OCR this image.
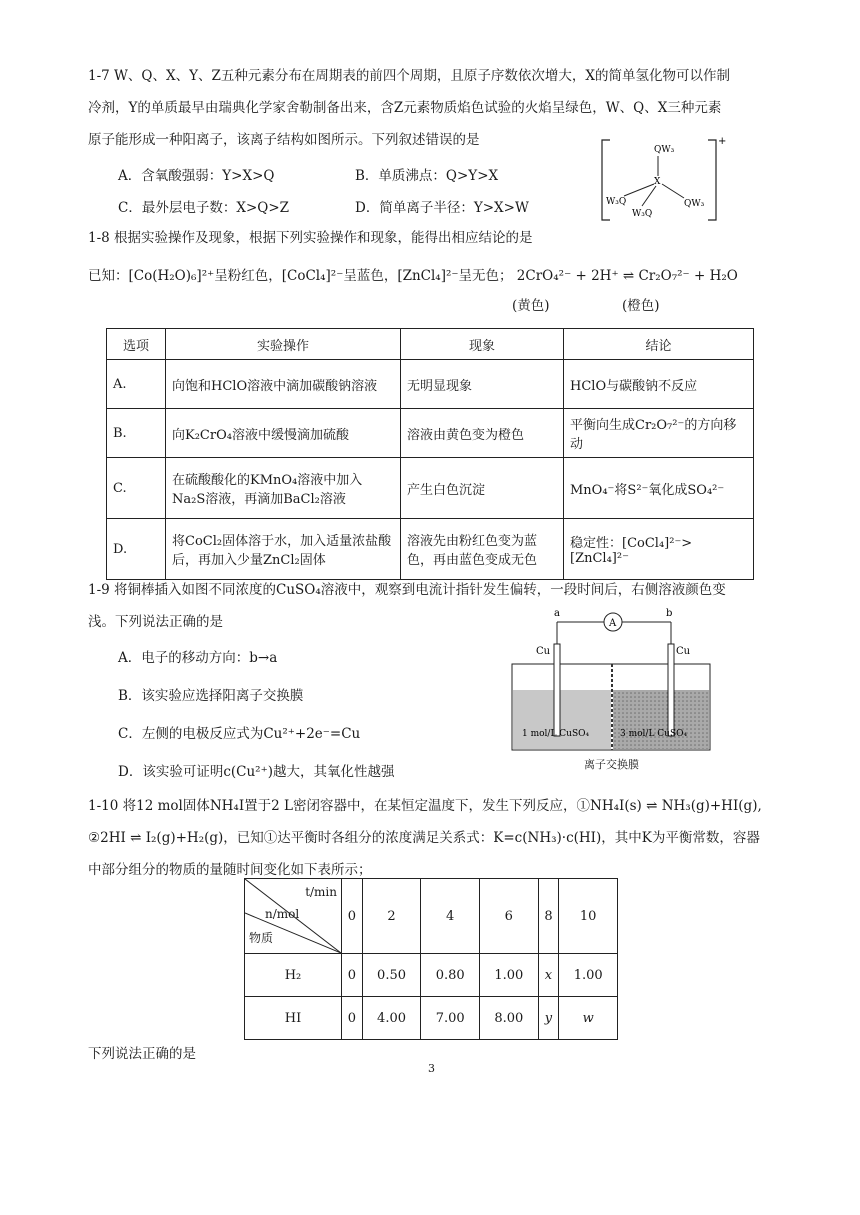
1-7 W、Q、X、Y、Z五种元素分布在周期表的前四个周期，且原子序数依次增大，X的简单氢化物可以作制
冷剂，Y的单质最早由瑞典化学家舍勒制备出来，含Z元素物质焰色试验的火焰呈绿色，W、Q、X三种元素
原子能形成一种阳离子，该离子结构如图所示。下列叙述错误的是
A．含氧酸强弱：Y>X>Q	B．单质沸点：Q>Y>X
C．最外层电子数：X>Q>Z	D．简单离子半径：Y>X>W
QW₃
X
W₃Q
W₃Q
QW₃
+
1-8 根据实验操作及现象，根据下列实验操作和现象，能得出相应结论的是
已知：[Co(H₂O)₆]²⁺呈粉红色，[CoCl₄]²⁻呈蓝色，[ZnCl₄]²⁻呈无色； 2CrO₄²⁻ + 2H⁺ ⇌ Cr₂O₇²⁻ + H₂O
(黄色)	(橙色)
选项	实验操作	现象	结论
A.	向饱和HClO溶液中滴加碳酸钠溶液	无明显现象	HClO与碳酸钠不反应
B.	向K₂CrO₄溶液中缓慢滴加硫酸	溶液由黄色变为橙色	平衡向生成Cr₂O₇²⁻的方向移动
C.	在硫酸酸化的KMnO₄溶液中加入Na₂S溶液，再滴加BaCl₂溶液	产生白色沉淀	MnO₄⁻将S²⁻氧化成SO₄²⁻
D.	将CoCl₂固体溶于水，加入适量浓盐酸后，再加入少量ZnCl₂固体	溶液先由粉红色变为蓝色，再由蓝色变成无色	稳定性：[CoCl₄]²⁻>[ZnCl₄]²⁻
1-9 将铜棒插入如图不同浓度的CuSO₄溶液中，观察到电流计指针发生偏转，一段时间后，右侧溶液颜色变
浅。下列说法正确的是
A．电子的移动方向：b→a
B．该实验应选择阳离子交换膜
C．左侧的电极反应式为Cu²⁺+2e⁻=Cu
D．该实验可证明c(Cu²⁺)越大，其氧化性越强
A
a	b
Cu	Cu
1 mol/L CuSO₄	3 mol/L CuSO₄
离子交换膜
1-10 将12 mol固体NH₄I置于2 L密闭容器中，在某恒定温度下，发生下列反应，①NH₄I(s) ⇌ NH₃(g)+HI(g),
②2HI ⇌ I₂(g)+H₂(g)，已知①达平衡时各组分的浓度满足关系式：K=c(NH₃)·c(HI)，其中K为平衡常数，容器
中部分组分的物质的量随时间变化如下表所示；
t/min
n/mol
物质	0	2	4	6	8	10
H₂	0	0.50	0.80	1.00	x	1.00
HI	0	4.00	7.00	8.00	y	w
下列说法正确的是
3
